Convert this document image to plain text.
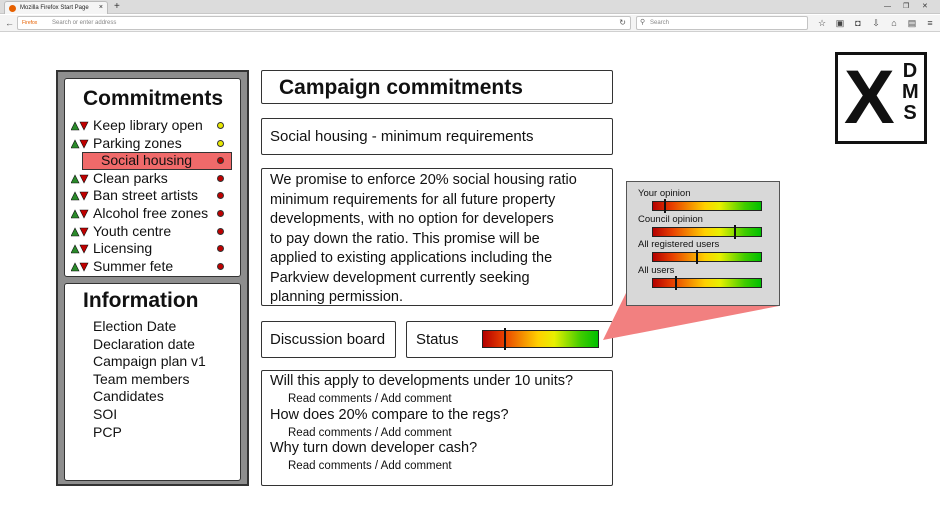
Mozilla Firefox Start Page × +	— ❐ ✕
← Firefox Search or enter address	↻ ⚲ Search	☆ ▣	◘	⇩	⌂	▤	≡
X DMS
Commitments
Keep library open
Parking zones
Social housing
Clean parks
Ban street artists
Alcohol free zones
Youth centre
Licensing
Summer fete
Information
Election Date
Declaration date
Campaign plan v1
Team members
Candidates
SOI
PCP
Campaign commitments
Social housing - minimum requirements
We promise to enforce 20% social housing ratio
minimum requirements for all future property
developments, with no option for developers
to pay down the ratio. This promise will be
applied to existing applications including the
Parkview development currently seeking
planning permission.
Discussion board Status
Will this apply to developments under 10 units?
Read comments / Add comment
How does 20% compare to the regs?
Read comments / Add comment
Why turn down developer cash?
Read comments / Add comment
Your opinion
Council opinion
All registered users
All users
